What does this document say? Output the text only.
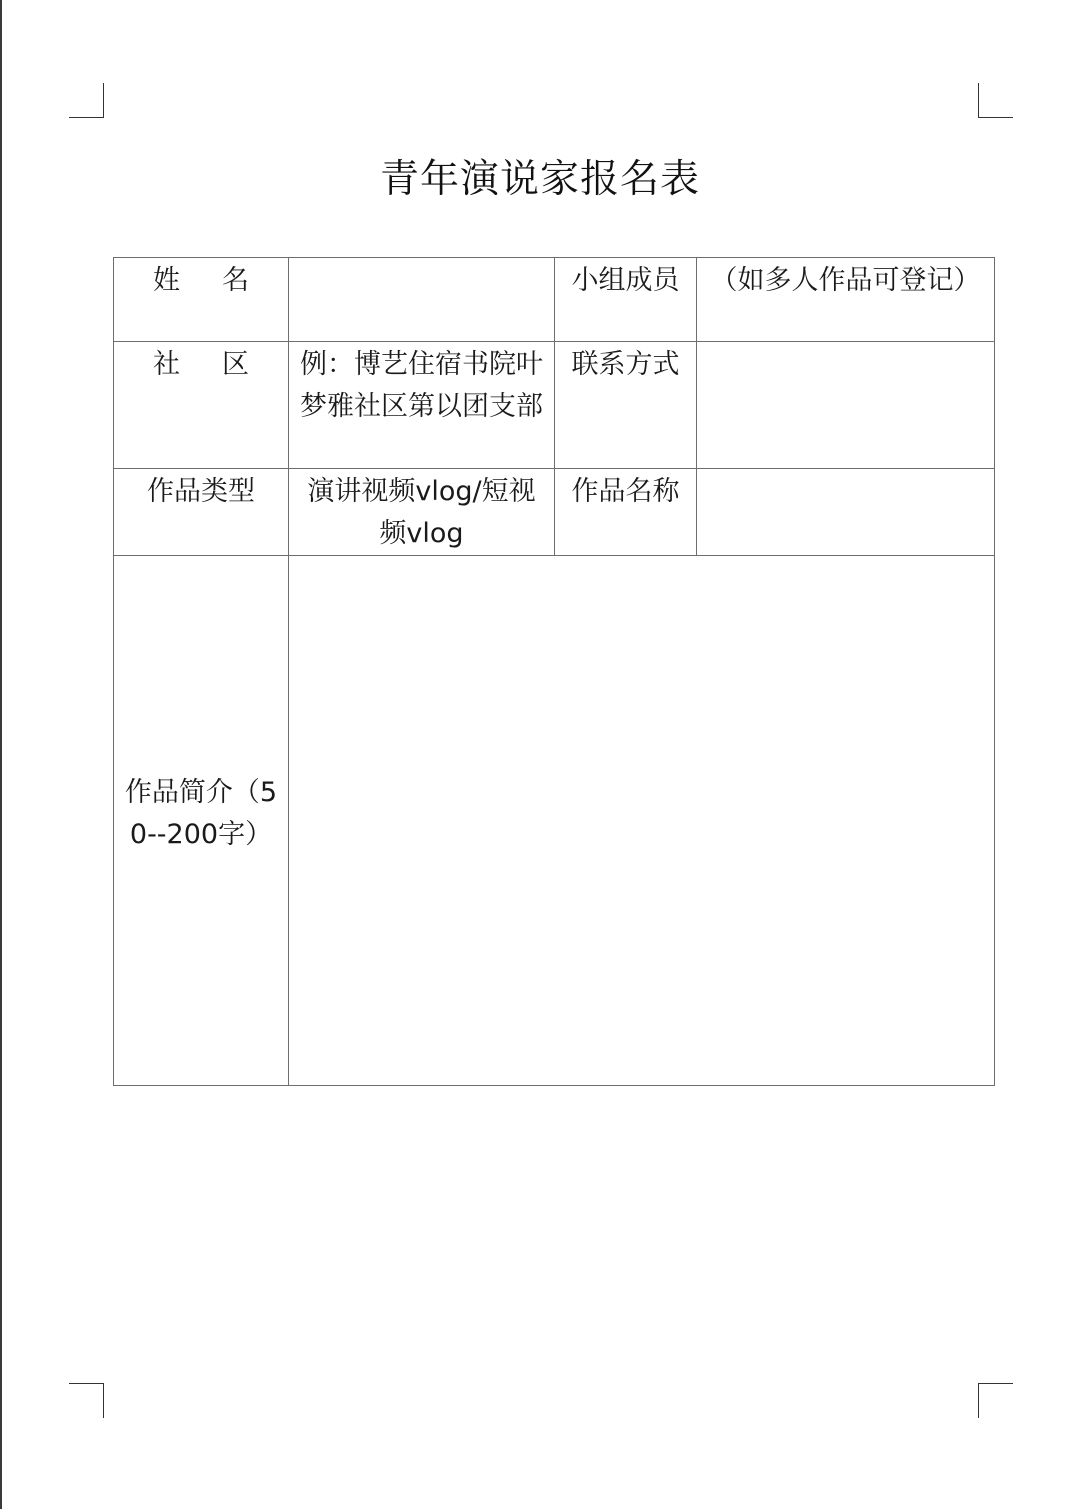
青年演说家报名表
姓 名		小组成员	（如多人作品可登记）
社 区	例：博艺住宿书院叶梦雅社区第以团支部	联系方式	
作品类型	演讲视频vlog/短视频vlog	作品名称	
作品简介（50--200字）			
